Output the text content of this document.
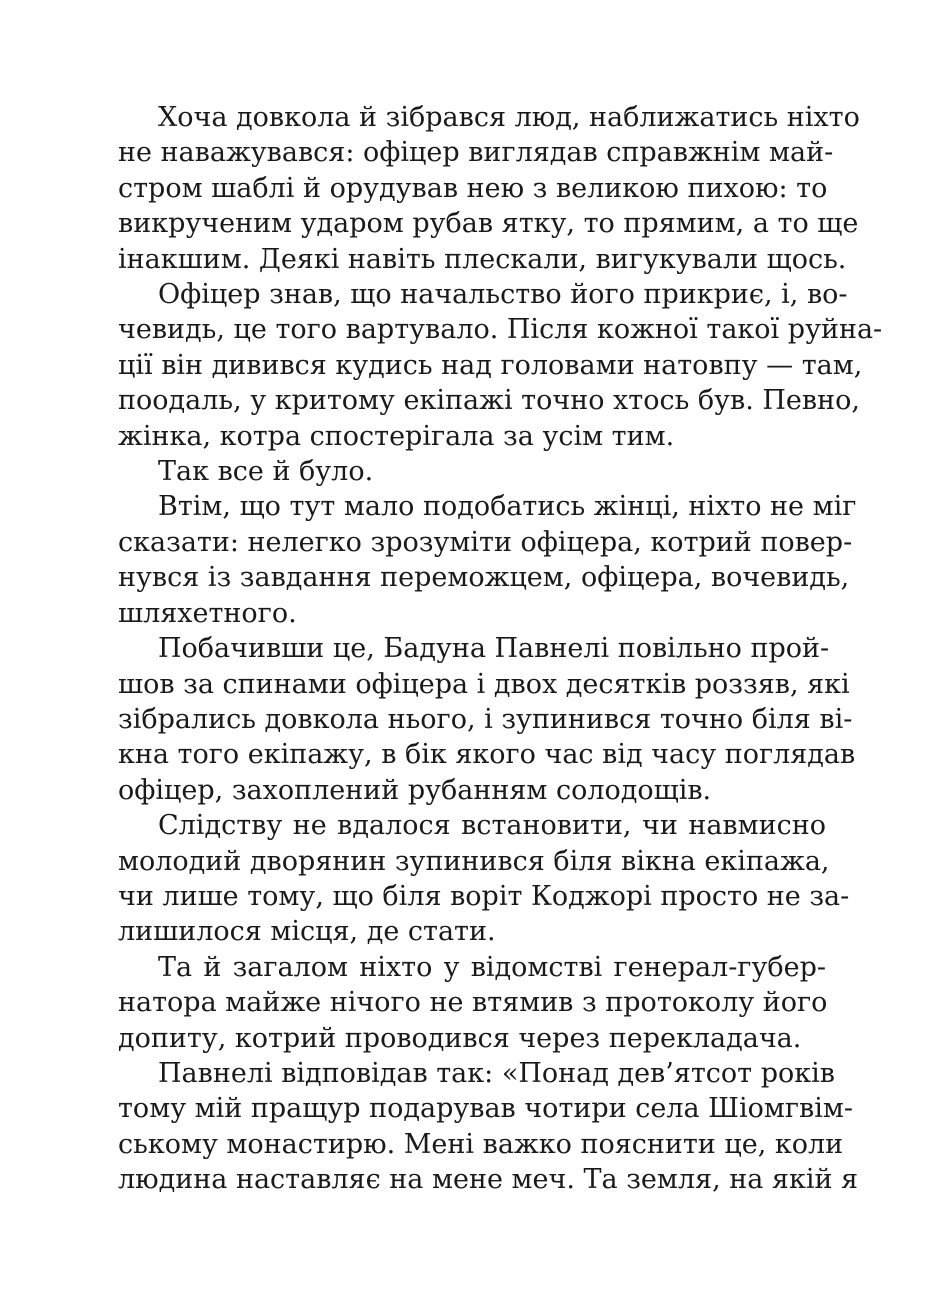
Хоча довкола й зібрався люд, наближатись ніхто
не наважувався: офіцер виглядав справжнім май-
стром шаблі й орудував нею з великою пихою: то
викрученим ударом рубав ятку, то прямим, а то ще
інакшим. Деякі навіть плескали, вигукували щось.

Офіцер знав, що начальство його прикриє, і, во-
чевидь, це того вартувало. Після кожної такої руйна-
ції він дивився кудись над головами натовпу — там,
поодаль, у критому екіпажі точно хтось був. Певно,
жінка, котра спостерігала за усім тим.

Так все й було.

Втім, що тут мало подобатись жінці, ніхто не міг
сказати: нелегко зрозуміти офіцера, котрий повер-
нувся із завдання переможцем, офіцера, вочевидь,
шляхетного.

Побачивши це, Бадуна Павнелі повільно прой-
шов за спинами офіцера і двох десятків роззяв, які
зібрались довкола нього, і зупинився точно біля ві-
кна того екіпажу, в бік якого час від часу поглядав
офіцер, захоплений рубанням солодощів.

Слідству не вдалося встановити, чи навмисно
молодий дворянин зупинився біля вікна екіпажа,
чи лише тому, що біля воріт Коджорі просто не за-
лишилося місця, де стати.

Та й загалом ніхто у відомстві генерал-губер-
натора майже нічого не втямив з протоколу його
допиту, котрий проводився через перекладача.

Павнелі відповідав так: «Понад дев’ятсот років
тому мій пращур подарував чотири села Шіомгвім-
ському монастирю. Мені важко пояснити це, коли
людина наставляє на мене меч. Та земля, на якій я
